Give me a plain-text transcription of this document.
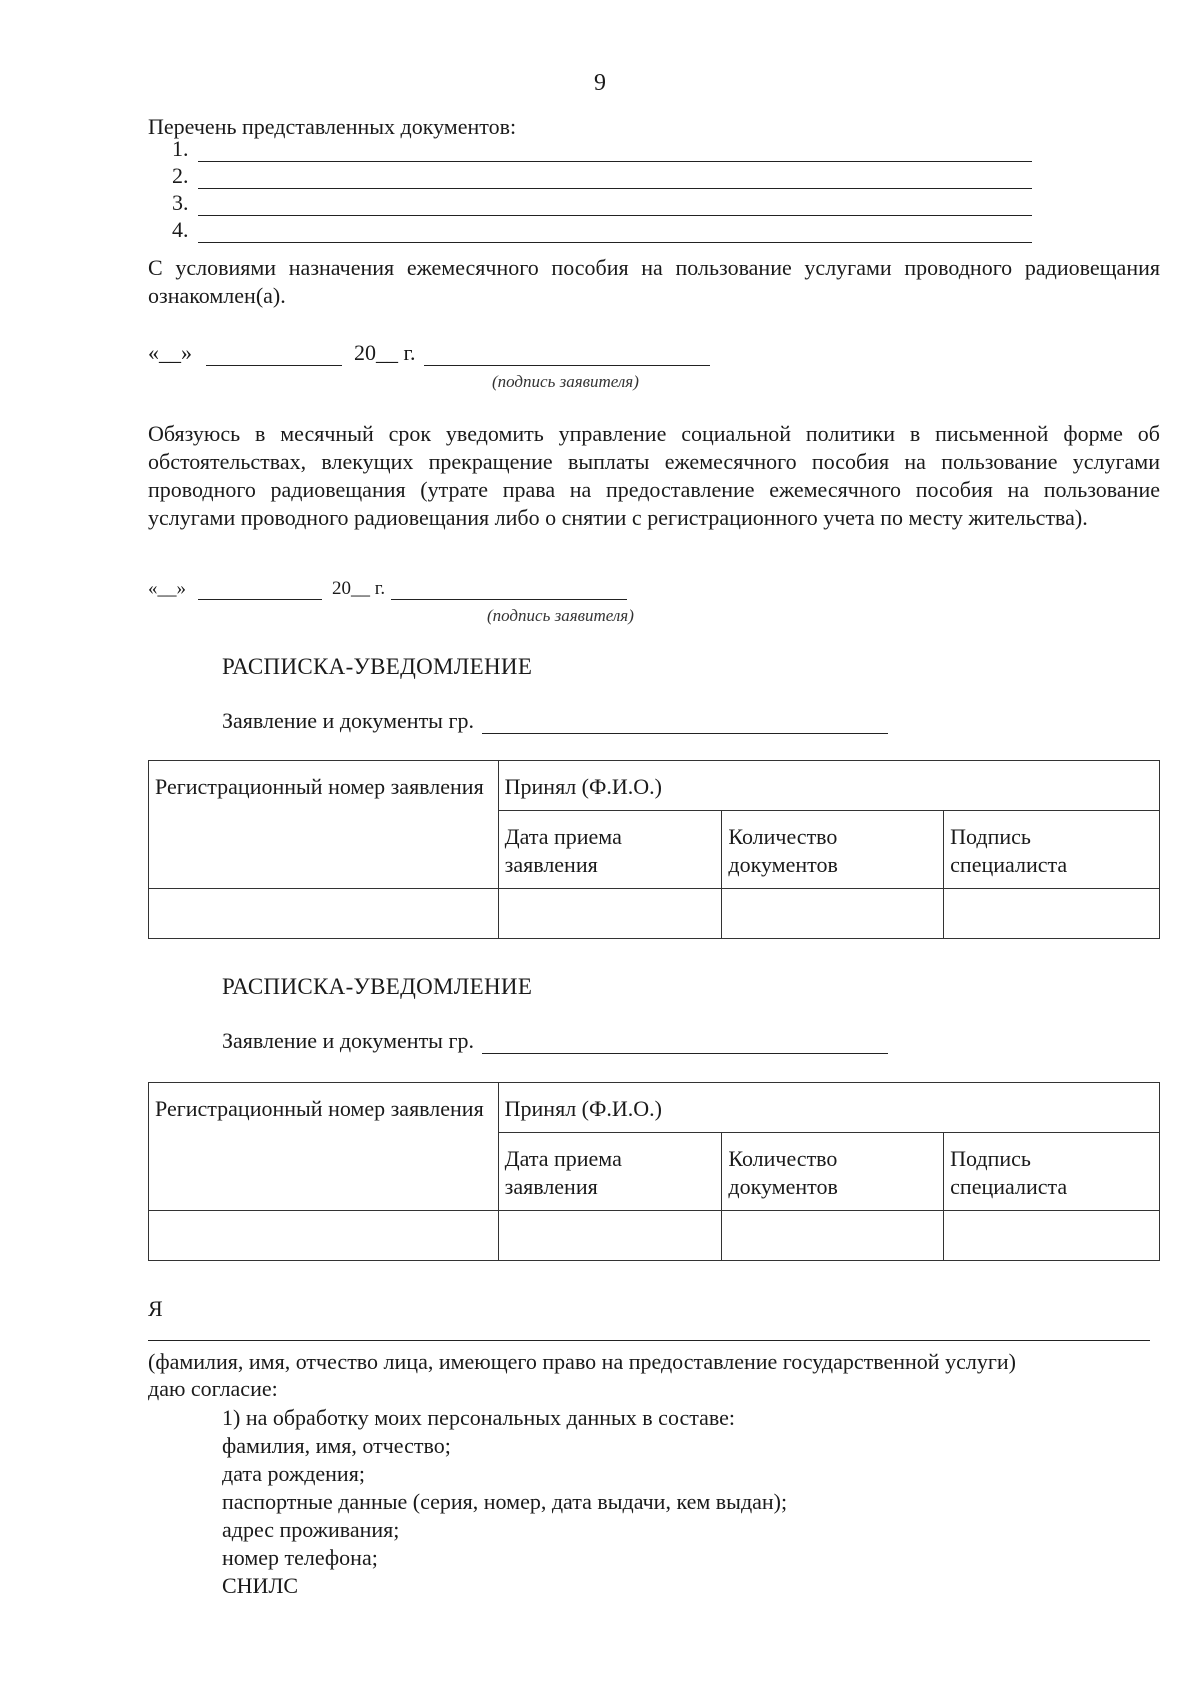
9
Перечень представленных документов:
1.
2.
3.
4.
С условиями назначения ежемесячного пособия на пользование услугами проводного радиовещания ознакомлен(а).
«__»	20__ г.
(подпись заявителя)
Обязуюсь в месячный срок уведомить управление социальной политики в письменной форме об обстоятельствах, влекущих прекращение выплаты ежемесячного пособия на пользование услугами проводного радиовещания (утрате права на предоставление ежемесячного пособия на пользование услугами проводного радиовещания либо о снятии с регистрационного учета по месту жительства).
«__»	20__ г.
(подпись заявителя)
РАСПИСКА-УВЕДОМЛЕНИЕ
Заявление и документы гр.
Регистрационный номер заявления	Принял (Ф.И.О.)		
	Дата приема заявления	Количество документов	Подпись специалиста

РАСПИСКА-УВЕДОМЛЕНИЕ
Заявление и документы гр.
Регистрационный номер заявления	Принял (Ф.И.О.)		
	Дата приема заявления	Количество документов	Подпись специалиста

Я
(фамилия, имя, отчество лица, имеющего право на предоставление государственной услуги)
даю согласие:
1) на обработку моих персональных данных в составе:
фамилия, имя, отчество;
дата рождения;
паспортные данные (серия, номер, дата выдачи, кем выдан);
адрес проживания;
номер телефона;
СНИЛС
